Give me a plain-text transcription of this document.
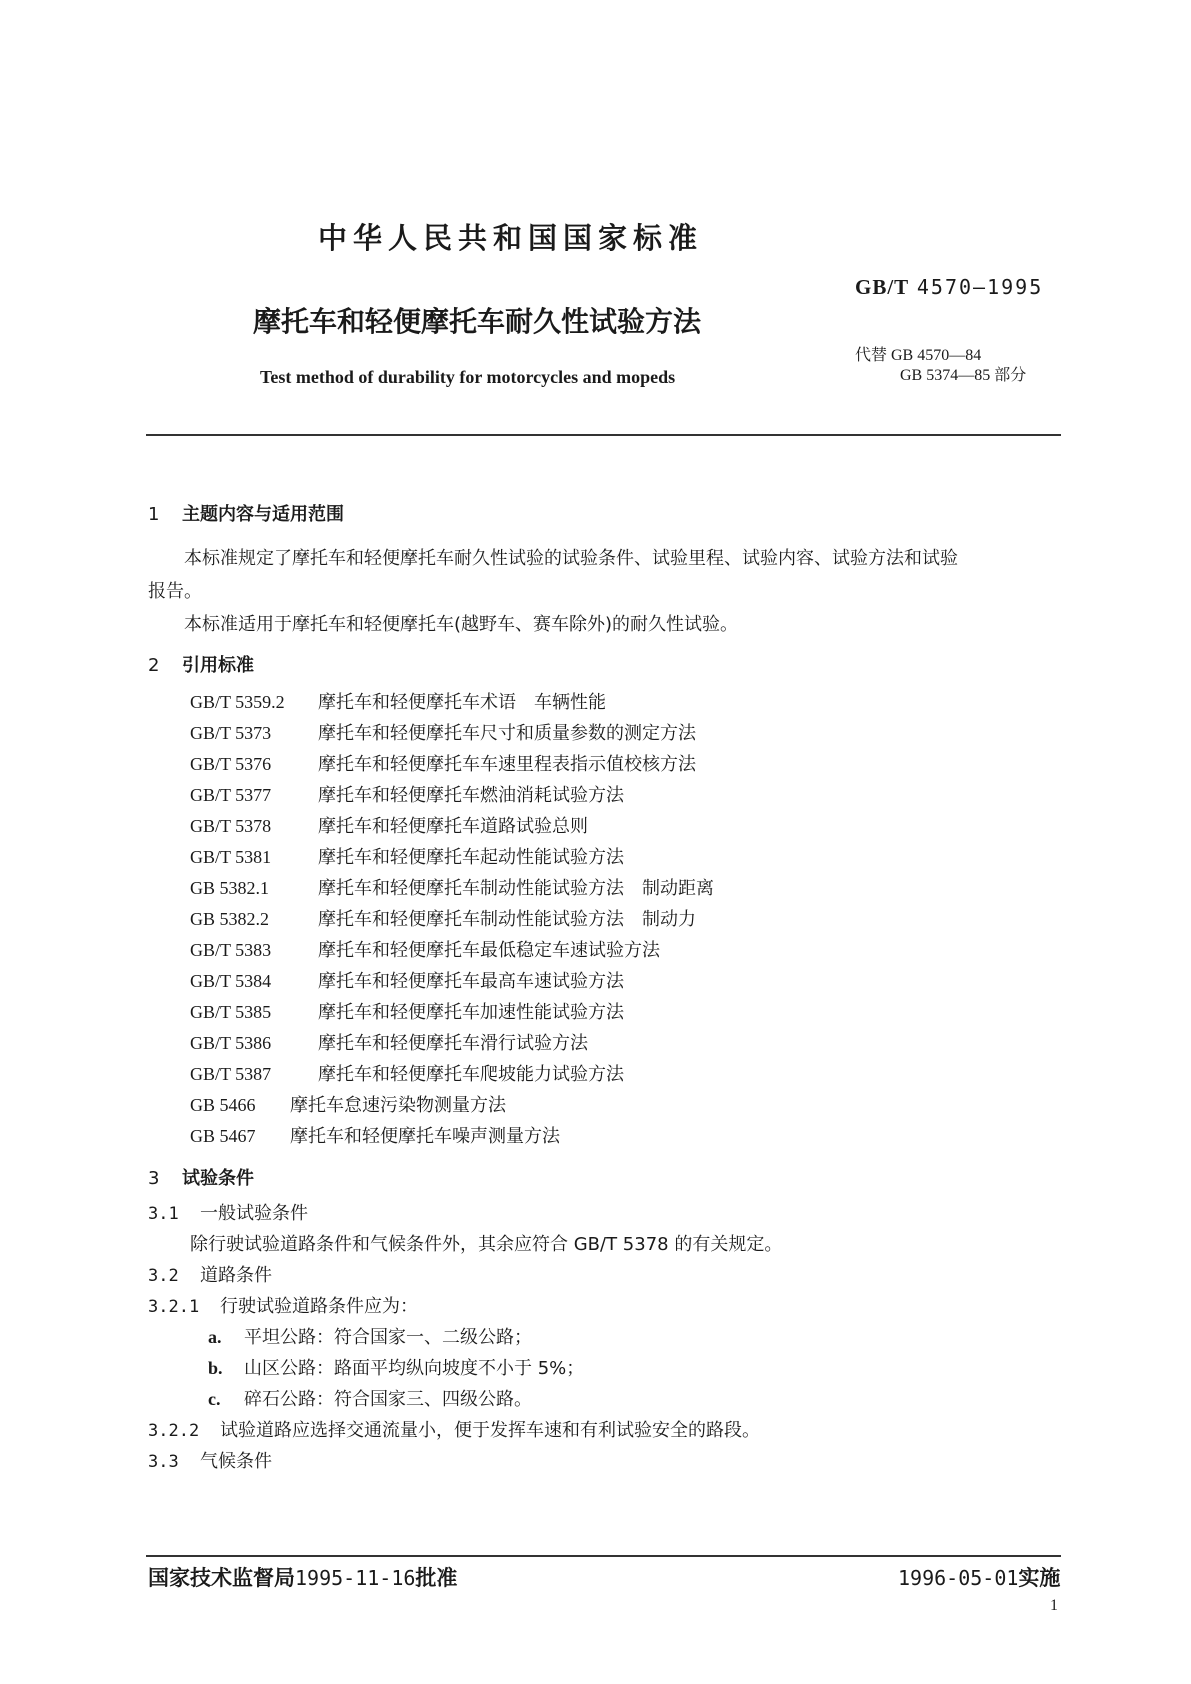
中华人民共和国国家标准
GB/T 4570—1995
摩托车和轻便摩托车耐久性试验方法
代替 GB 4570—84
GB 5374—85 部分
Test method of durability for motorcycles and mopeds
1 主题内容与适用范围
本标准规定了摩托车和轻便摩托车耐久性试验的试验条件、试验里程、试验内容、试验方法和试验
报告。
本标准适用于摩托车和轻便摩托车(越野车、赛车除外)的耐久性试验。
2 引用标准
GB/T 5359.2 摩托车和轻便摩托车术语　车辆性能
GB/T 5373	摩托车和轻便摩托车尺寸和质量参数的测定方法
GB/T 5376	摩托车和轻便摩托车车速里程表指示值校核方法
GB/T 5377	摩托车和轻便摩托车燃油消耗试验方法
GB/T 5378	摩托车和轻便摩托车道路试验总则
GB/T 5381	摩托车和轻便摩托车起动性能试验方法
GB 5382.1	摩托车和轻便摩托车制动性能试验方法　制动距离
GB 5382.2	摩托车和轻便摩托车制动性能试验方法　制动力
GB/T 5383	摩托车和轻便摩托车最低稳定车速试验方法
GB/T 5384	摩托车和轻便摩托车最高车速试验方法
GB/T 5385	摩托车和轻便摩托车加速性能试验方法
GB/T 5386	摩托车和轻便摩托车滑行试验方法
GB/T 5387	摩托车和轻便摩托车爬坡能力试验方法
GB 5466 摩托车怠速污染物测量方法
GB 5467 摩托车和轻便摩托车噪声测量方法
3 试验条件
3.1 一般试验条件
除行驶试验道路条件和气候条件外，其余应符合 GB/T 5378 的有关规定。
3.2 道路条件
3.2.1 行驶试验道路条件应为：
a. 平坦公路：符合国家一、二级公路；
b. 山区公路：路面平均纵向坡度不小于 5%；
c. 碎石公路：符合国家三、四级公路。
3.2.2 试验道路应选择交通流量小，便于发挥车速和有利试验安全的路段。
3.3 气候条件
国家技术监督局1995-11-16批准	1996-05-01实施
1
